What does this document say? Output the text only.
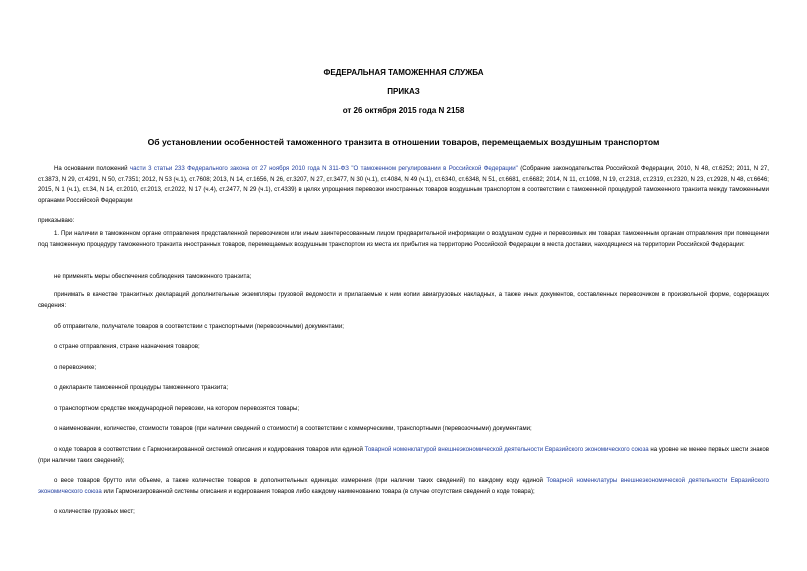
ФЕДЕРАЛЬНАЯ ТАМОЖЕННАЯ СЛУЖБА
ПРИКАЗ
от 26 октября 2015 года N 2158
Об установлении особенностей таможенного транзита в отношении товаров, перемещаемых воздушным транспортом
На основании положений части 3 статьи 233 Федерального закона от 27 ноября 2010 года N 311-ФЗ "О таможенном регулировании в Российской Федерации" (Собрание законодательства Российской Федерации, 2010, N 48, ст.6252; 2011, N 27, ст.3873, N 29, ст.4291, N 50, ст.7351; 2012, N 53 (ч.1), ст.7608; 2013, N 14, ст.1656, N 26, ст.3207, N 27, ст.3477, N 30 (ч.1), ст.4084, N 49 (ч.1), ст.6340, ст.6348, N 51, ст.6681, ст.6682; 2014, N 11, ст.1098, N 19, ст.2318, ст.2319, ст.2320, N 23, ст.2928, N 48, ст.6646; 2015, N 1 (ч.1), ст.34, N 14, ст.2010, ст.2013, ст.2022, N 17 (ч.4), ст.2477, N 29 (ч.1), ст.4339) в целях упрощения перевозки иностранных товаров воздушным транспортом в соответствии с таможенной процедурой таможенного транзита между таможенными органами Российской Федерации
приказываю:
1. При наличии в таможенном органе отправления представленной перевозчиком или иным заинтересованным лицом предварительной информации о воздушном судне и перевозимых им товарах таможенным органам отправления при помещении под таможенную процедуру таможенного транзита иностранных товаров, перемещаемых воздушным транспортом из места их прибытия на территорию Российской Федерации в места доставки, находящиеся на территории Российской Федерации:
не применять меры обеспечения соблюдения таможенного транзита;
принимать в качестве транзитных деклараций дополнительные экземпляры грузовой ведомости и прилагаемые к ним копии авиагрузовых накладных, а также иных документов, составленных перевозчиком в произвольной форме, содержащих сведения:
об отправителе, получателе товаров в соответствии с транспортными (перевозочными) документами;
о стране отправления, стране назначения товаров;
о перевозчике;
о декларанте таможенной процедуры таможенного транзита;
о транспортном средстве международной перевозки, на котором перевозятся товары;
о наименовании, количестве, стоимости товаров (при наличии сведений о стоимости) в соответствии с коммерческими, транспортными (перевозочными) документами;
о коде товаров в соответствии с Гармонизированной системой описания и кодирования товаров или единой Товарной номенклатурой внешнеэкономической деятельности Евразийского экономического союза на уровне не менее первых шести знаков (при наличии таких сведений);
о весе товаров брутто или объеме, а также количестве товаров в дополнительных единицах измерения (при наличии таких сведений) по каждому коду единой Товарной номенклатуры внешнеэкономической деятельности Евразийского экономического союза или Гармонизированной системы описания и кодирования товаров либо каждому наименованию товара (в случае отсутствия сведений о коде товара);
о количестве грузовых мест;
